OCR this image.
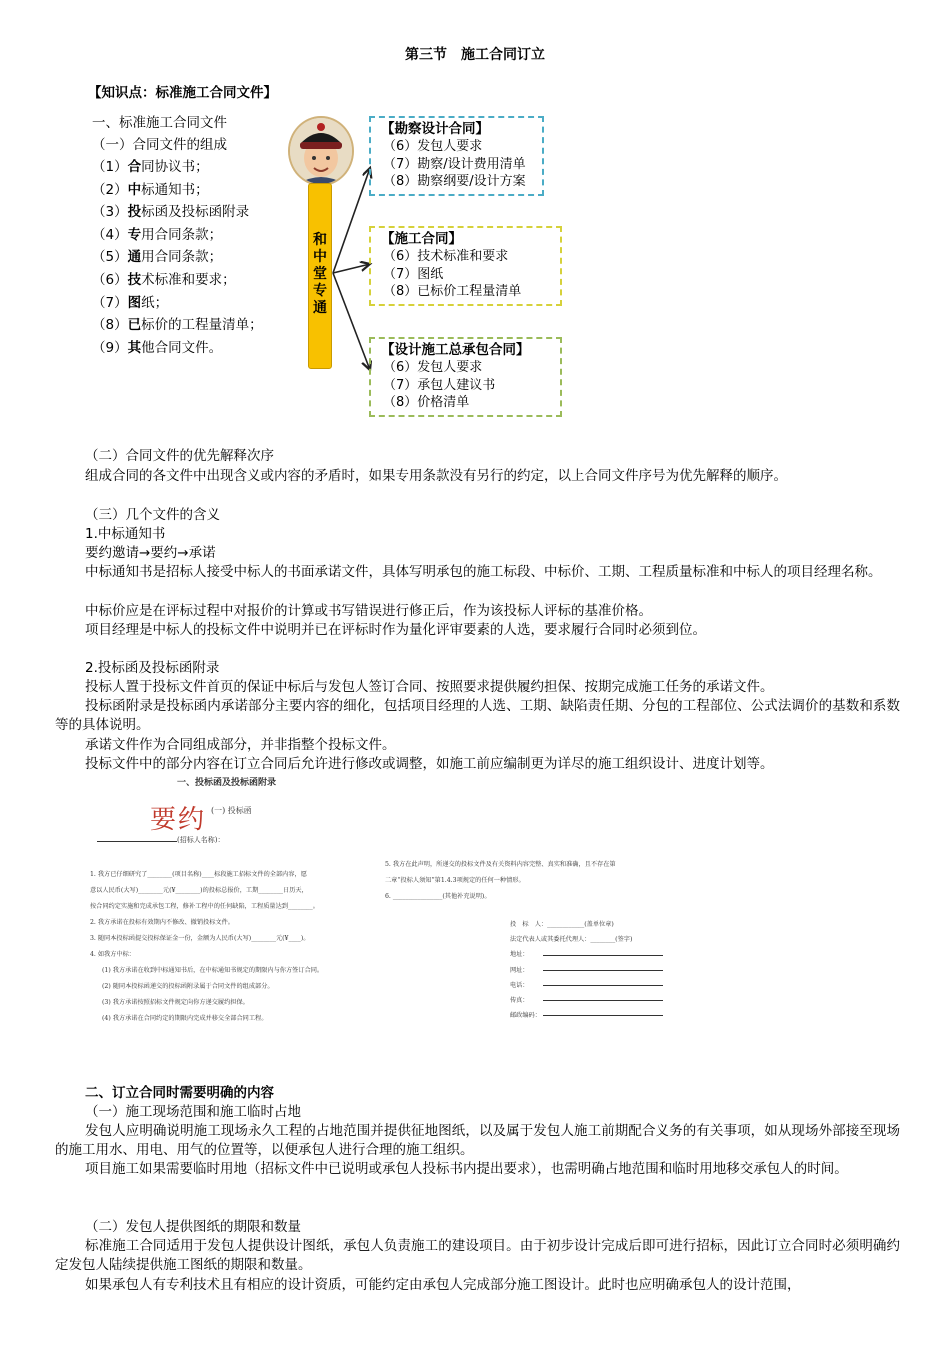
第三节　施工合同订立
【知识点：标准施工合同文件】
一、标准施工合同文件
（一）合同文件的组成
（1）合同协议书；
（2）中标通知书；
（3）投标函及投标函附录
（4）专用合同条款；
（5）通用合同条款；
（6）技术标准和要求；
（7）图纸；
（8）已标价的工程量清单；
（9）其他合同文件。
和
中
堂
专
通
【勘察设计合同】
（6）发包人要求
（7）勘察/设计费用清单
（8）勘察纲要/设计方案
【施工合同】
（6）技术标准和要求
（7）图纸
（8）已标价工程量清单
【设计施工总承包合同】
（6）发包人要求
（7）承包人建议书
（8）价格清单
（二）合同文件的优先解释次序
组成合同的各文件中出现含义或内容的矛盾时，如果专用条款没有另行的约定，以上合同文件序号为优先解释的顺序。
（三）几个文件的含义
1.中标通知书
要约邀请→要约→承诺
中标通知书是招标人接受中标人的书面承诺文件，具体写明承包的施工标段、中标价、工期、工程质量标准和中标人的项目经理名称。
中标价应是在评标过程中对报价的计算或书写错误进行修正后，作为该投标人评标的基准价格。
项目经理是中标人的投标文件中说明并已在评标时作为量化评审要素的人选，要求履行合同时必须到位。
2.投标函及投标函附录
投标人置于投标文件首页的保证中标后与发包人签订合同、按照要求提供履约担保、按期完成施工任务的承诺文件。
投标函附录是投标函内承诺部分主要内容的细化，包括项目经理的人选、工期、缺陷责任期、分包的工程部位、公式法调价的基数和系数等的具体说明。
承诺文件作为合同组成部分，并非指整个投标文件。
投标文件中的部分内容在订立合同后允许进行修改或调整，如施工前应编制更为详尽的施工组织设计、进度计划等。
一、投标函及投标函附录
要约 (一) 投标函
(招标人名称)：
1. 我方已仔细研究了________(项目名称)____标段施工招标文件的全部内容，愿
意以人民币(大写)________元(¥________)的投标总报价，工期________日历天，
按合同约定实施和完成承包工程，修补工程中的任何缺陷，工程质量达到________。
2. 我方承诺在投标有效期内不修改、撤销投标文件。
3. 随同本投标函提交投标保证金一份，金额为人民币(大写)________元(¥____)。
4. 如我方中标：
(1) 我方承诺在收到中标通知书后，在中标通知书规定的期限内与你方签订合同。
(2) 随同本投标函递交的投标函附录属于合同文件的组成部分。
(3) 我方承诺按照招标文件规定向你方递交履约担保。
(4) 我方承诺在合同约定的期限内完成并移交全部合同工程。
5. 我方在此声明，所递交的投标文件及有关资料内容完整、真实和准确，且不存在第
二章“投标人须知”第1.4.3项规定的任何一种情形。
6. ________________(其他补充说明)。
投　标　人：____________(盖单位章)
法定代表人或其委托代理人：________(签字)
地址：
网址：
电话：
传真：
邮政编码：
二、订立合同时需要明确的内容
（一）施工现场范围和施工临时占地
发包人应明确说明施工现场永久工程的占地范围并提供征地图纸，以及属于发包人施工前期配合义务的有关事项，如从现场外部接至现场的施工用水、用电、用气的位置等，以便承包人进行合理的施工组织。
项目施工如果需要临时用地（招标文件中已说明或承包人投标书内提出要求），也需明确占地范围和临时用地移交承包人的时间。
（二）发包人提供图纸的期限和数量
标准施工合同适用于发包人提供设计图纸，承包人负责施工的建设项目。由于初步设计完成后即可进行招标，因此订立合同时必须明确约定发包人陆续提供施工图纸的期限和数量。
如果承包人有专利技术且有相应的设计资质，可能约定由承包人完成部分施工图设计。此时也应明确承包人的设计范围，
